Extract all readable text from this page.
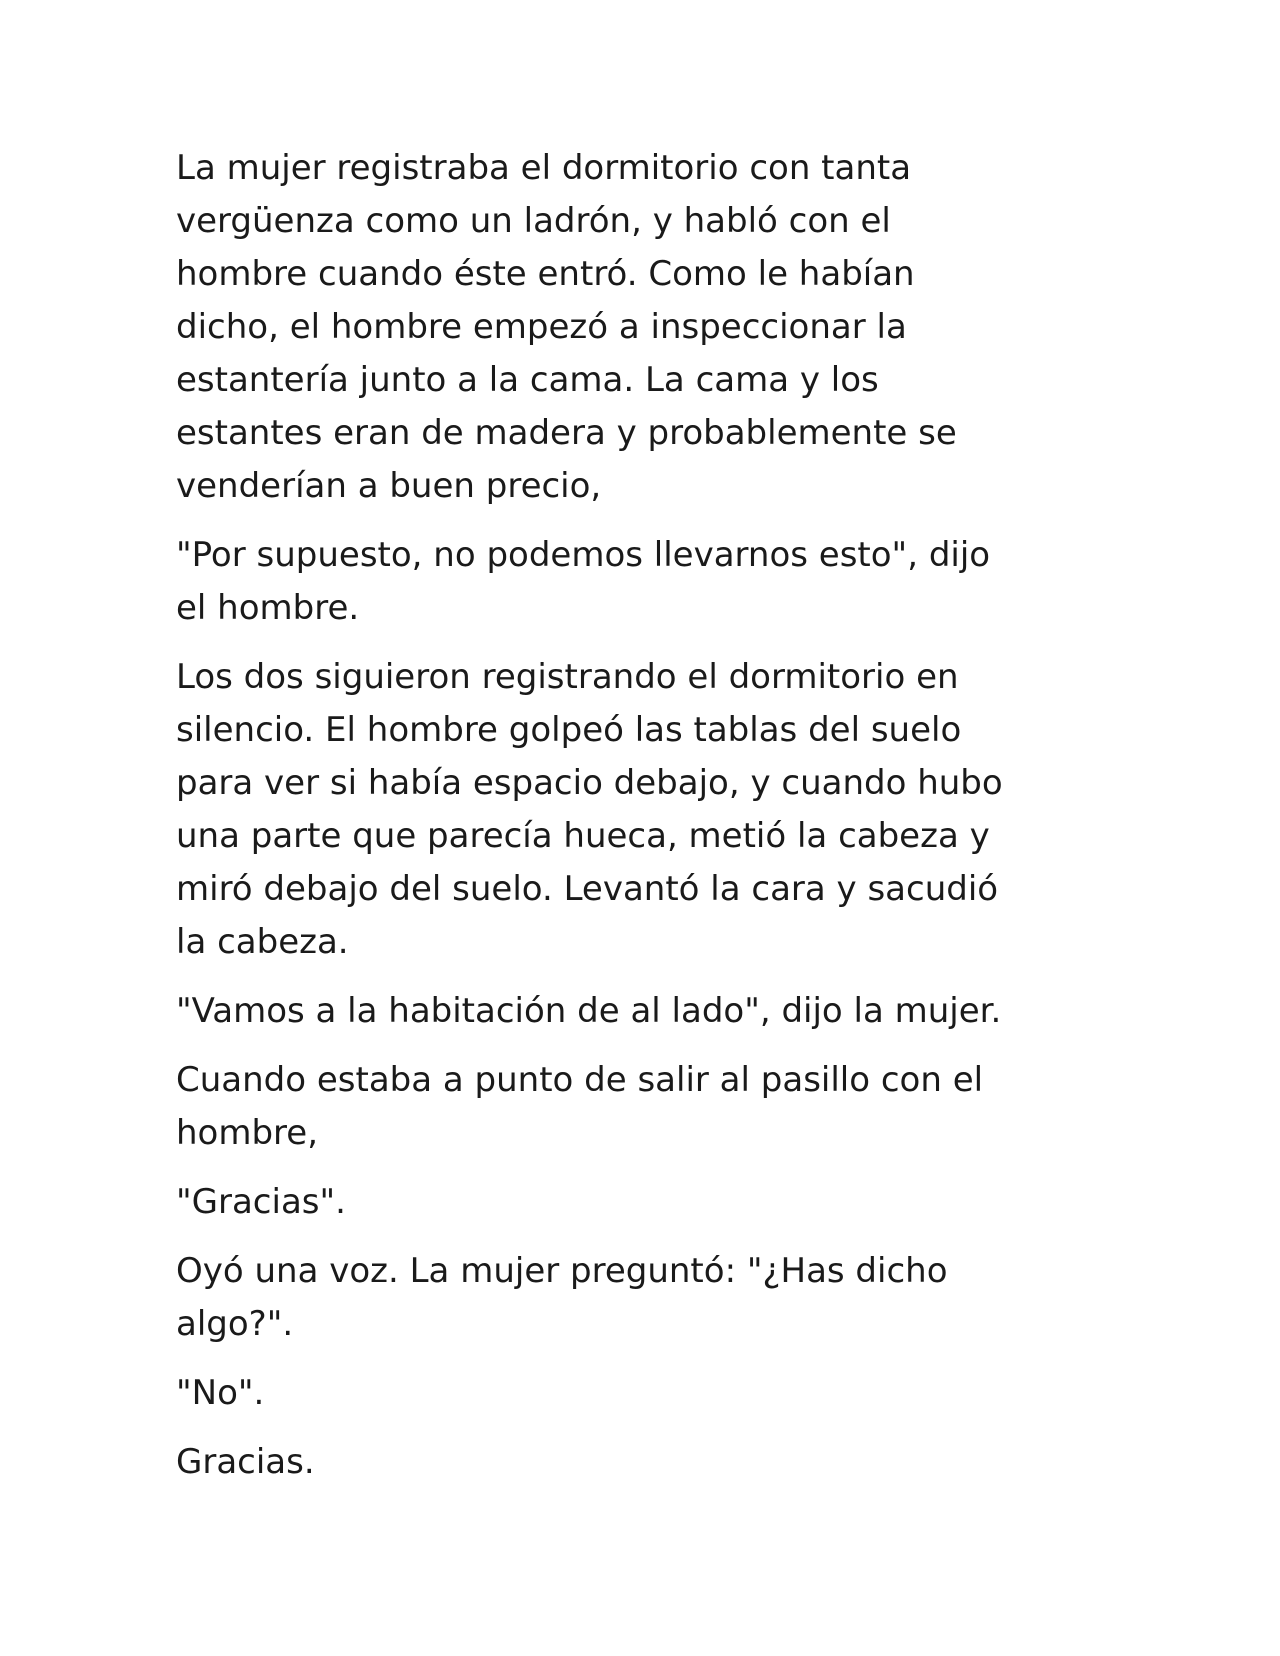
La mujer registraba el dormitorio con tanta
vergüenza como un ladrón, y habló con el
hombre cuando éste entró. Como le habían
dicho, el hombre empezó a inspeccionar la
estantería junto a la cama. La cama y los
estantes eran de madera y probablemente se
venderían a buen precio,

"Por supuesto, no podemos llevarnos esto", dijo
el hombre.

Los dos siguieron registrando el dormitorio en
silencio. El hombre golpeó las tablas del suelo
para ver si había espacio debajo, y cuando hubo
una parte que parecía hueca, metió la cabeza y
miró debajo del suelo. Levantó la cara y sacudió
la cabeza.

"Vamos a la habitación de al lado", dijo la mujer.

Cuando estaba a punto de salir al pasillo con el
hombre,

"Gracias".

Oyó una voz. La mujer preguntó: "¿Has dicho
algo?".

"No".

Gracias.
